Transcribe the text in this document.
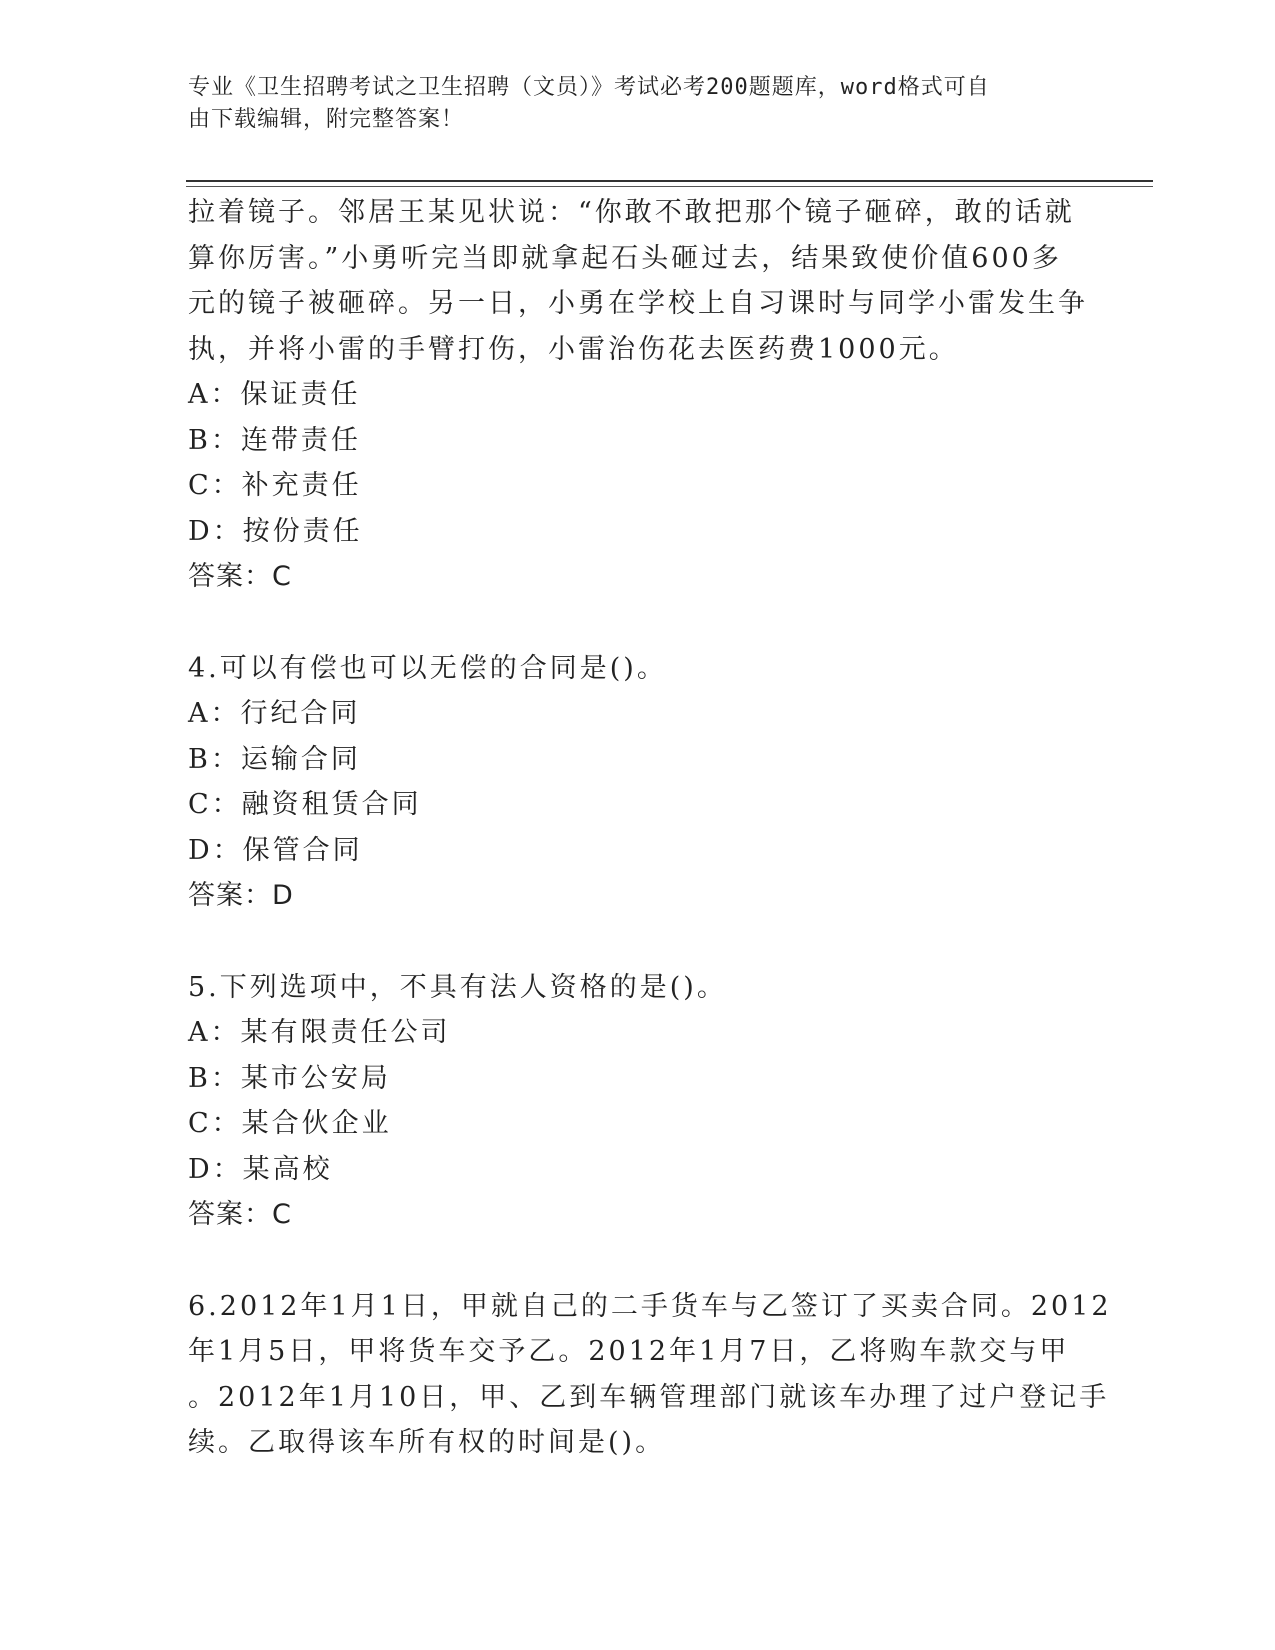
专业《卫生招聘考试之卫生招聘（文员）》考试必考200题题库，word格式可自
由下载编辑，附完整答案！
拉着镜子。邻居王某见状说：“你敢不敢把那个镜子砸碎，敢的话就
算你厉害。”小勇听完当即就拿起石头砸过去，结果致使价值600多
元的镜子被砸碎。另一日，小勇在学校上自习课时与同学小雷发生争
执，并将小雷的手臂打伤，小雷治伤花去医药费1000元。
A：保证责任
B：连带责任
C：补充责任
D：按份责任
答案：C
4.可以有偿也可以无偿的合同是()。
A：行纪合同
B：运输合同
C：融资租赁合同
D：保管合同
答案：D
5.下列选项中，不具有法人资格的是()。
A：某有限责任公司
B：某市公安局
C：某合伙企业
D：某高校
答案：C
6.2012年1月1日，甲就自己的二手货车与乙签订了买卖合同。2012
年1月5日，甲将货车交予乙。2012年1月7日，乙将购车款交与甲
。2012年1月10日，甲、乙到车辆管理部门就该车办理了过户登记手
续。乙取得该车所有权的时间是()。
